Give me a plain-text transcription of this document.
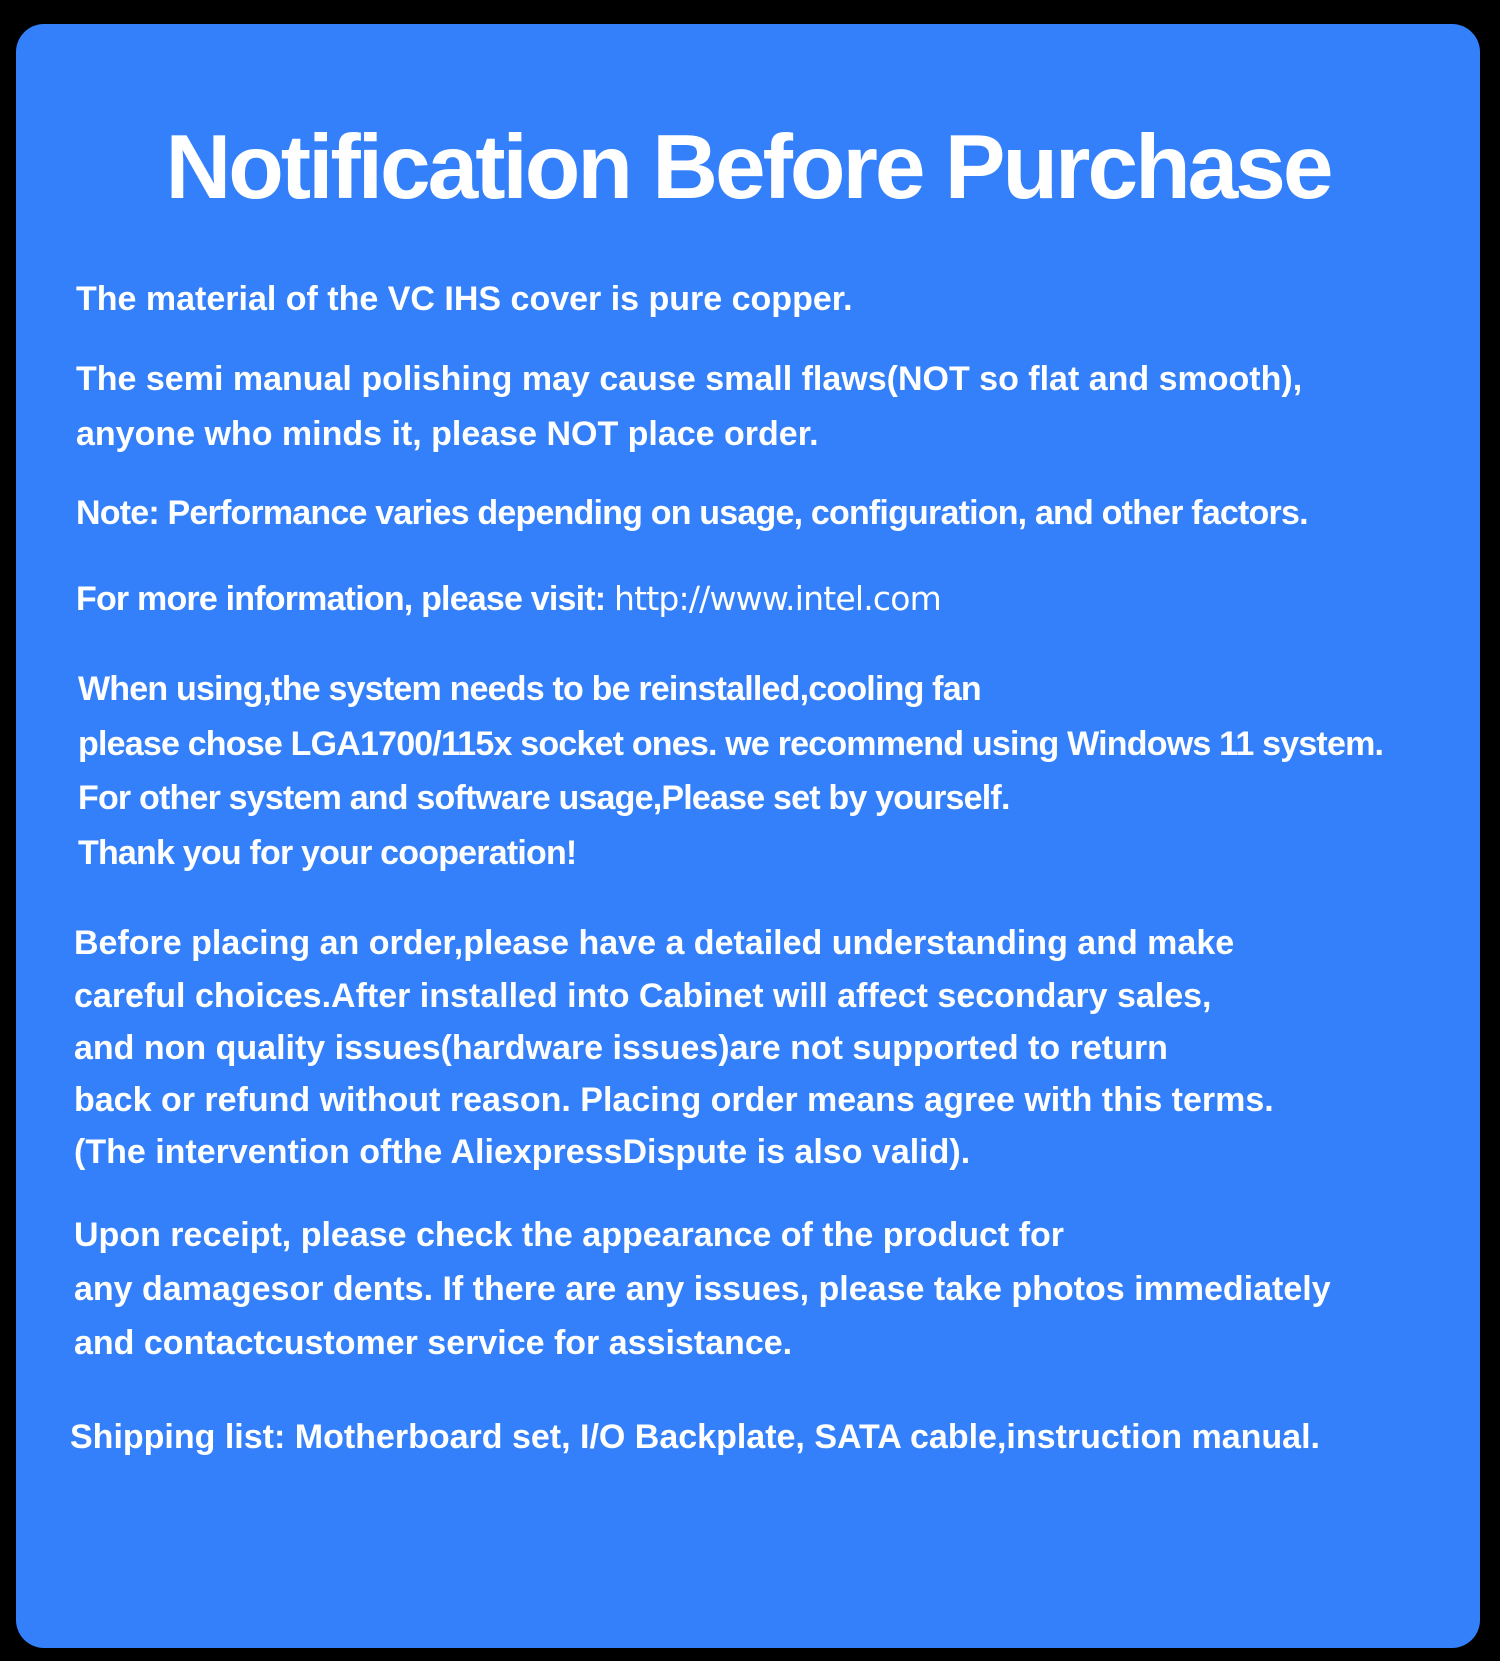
Notification Before Purchase
The material of the VC IHS cover is pure copper.
The semi manual polishing may cause small flaws(NOT so flat and smooth),
anyone who minds it, please NOT place order.
Note: Performance varies depending on usage, configuration, and other factors.
For more information, please visit: http://www.intel.com
When using,the system needs to be reinstalled,cooling fan
please chose LGA1700/115x socket ones. we recommend using Windows 11 system.
For other system and software usage,Please set by yourself.
Thank you for your cooperation!
Before placing an order,please have a detailed understanding and make
careful choices.After installed into Cabinet will affect secondary sales,
and non quality issues(hardware issues)are not supported to return
back or refund without reason. Placing order means agree with this terms.
(The intervention ofthe AliexpressDispute is also valid).
Upon receipt, please check the appearance of the product for
any damagesor dents. If there are any issues, please take photos immediately
and contactcustomer service for assistance.
Shipping list: Motherboard set, I/O Backplate, SATA cable,instruction manual.
